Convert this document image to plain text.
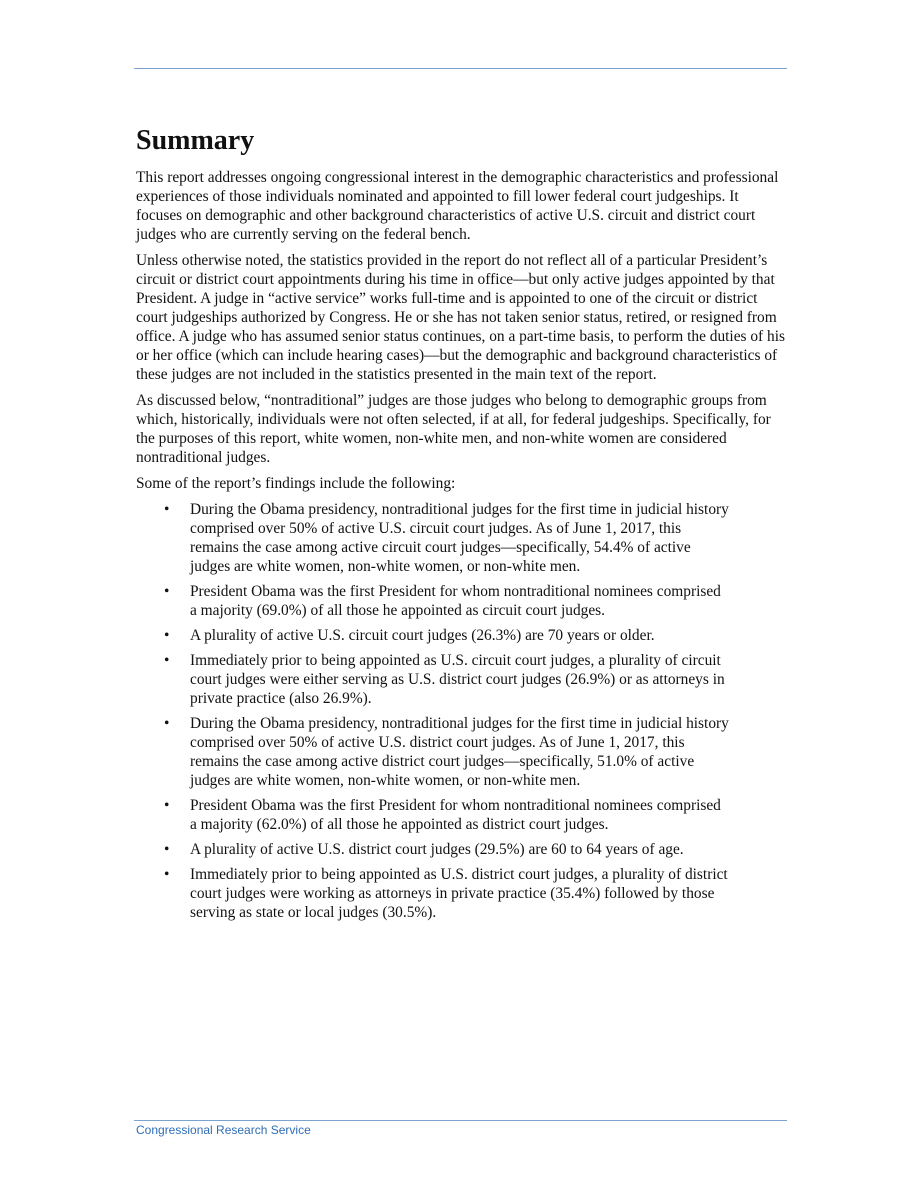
Summary

This report addresses ongoing congressional interest in the demographic characteristics and professional experiences of those individuals nominated and appointed to fill lower federal court judgeships. It focuses on demographic and other background characteristics of active U.S. circuit and district court judges who are currently serving on the federal bench.

Unless otherwise noted, the statistics provided in the report do not reflect all of a particular President’s circuit or district court appointments during his time in office—but only active judges appointed by that President. A judge in “active service” works full-time and is appointed to one of the circuit or district court judgeships authorized by Congress. He or she has not taken senior status, retired, or resigned from office. A judge who has assumed senior status continues, on a part-time basis, to perform the duties of his or her office (which can include hearing cases)—but the demographic and background characteristics of these judges are not included in the statistics presented in the main text of the report.

As discussed below, “nontraditional” judges are those judges who belong to demographic groups from which, historically, individuals were not often selected, if at all, for federal judgeships. Specifically, for the purposes of this report, white women, non-white men, and non-white women are considered nontraditional judges.

Some of the report’s findings include the following:

• During the Obama presidency, nontraditional judges for the first time in judicial history comprised over 50% of active U.S. circuit court judges. As of June 1, 2017, this remains the case among active circuit court judges—specifically, 54.4% of active judges are white women, non-white women, or non-white men.
• President Obama was the first President for whom nontraditional nominees comprised a majority (69.0%) of all those he appointed as circuit court judges.
• A plurality of active U.S. circuit court judges (26.3%) are 70 years or older.
• Immediately prior to being appointed as U.S. circuit court judges, a plurality of circuit court judges were either serving as U.S. district court judges (26.9%) or as attorneys in private practice (also 26.9%).
• During the Obama presidency, nontraditional judges for the first time in judicial history comprised over 50% of active U.S. district court judges. As of June 1, 2017, this remains the case among active district court judges—specifically, 51.0% of active judges are white women, non-white women, or non-white men.
• President Obama was the first President for whom nontraditional nominees comprised a majority (62.0%) of all those he appointed as district court judges.
• A plurality of active U.S. district court judges (29.5%) are 60 to 64 years of age.
• Immediately prior to being appointed as U.S. district court judges, a plurality of district court judges were working as attorneys in private practice (35.4%) followed by those serving as state or local judges (30.5%).
Congressional Research Service
